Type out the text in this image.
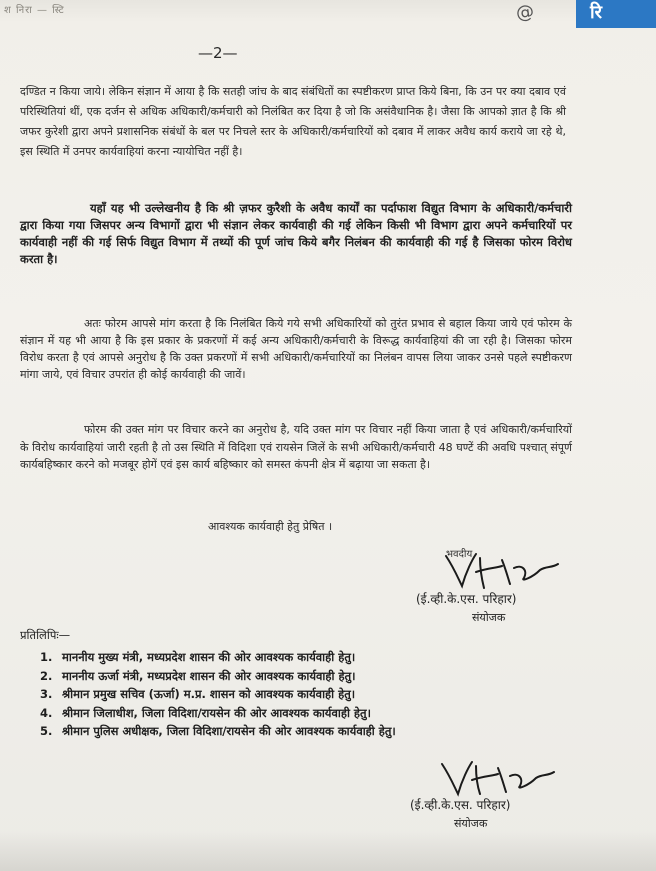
श निरा — स्टि	@	रि
—2—

दण्डित न किया जाये। लेकिन संज्ञान में आया है कि सतही जांच के बाद संबंधितों का स्पष्टीकरण प्राप्त किये बिना, कि उन पर क्या दबाव एवं परिस्थितियां थीं, एक दर्जन से अधिक अधिकारी/कर्मचारी को निलंबित कर दिया है जो कि असंवैधानिक है। जैसा कि आपको ज्ञात है कि श्री जफर कुरेशी द्वारा अपने प्रशासनिक संबंधों के बल पर निचले स्तर के अधिकारी/कर्मचारियों को दबाव में लाकर अवैध कार्य कराये जा रहे थे, इस स्थिति में उनपर कार्यवाहियां करना न्यायोचित नहीं है।

यहाँ यह भी उल्लेखनीय है कि श्री ज़फर कुरैशी के अवैध कार्यों का पर्दाफाश विद्युत विभाग के अधिकारी/कर्मचारी द्वारा किया गया जिसपर अन्य विभागों द्वारा भी संज्ञान लेकर कार्यवाही की गई लेकिन किसी भी विभाग द्वारा अपने कर्मचारियों पर कार्यवाही नहीं की गई सिर्फ विद्युत विभाग में तथ्यों की पूर्ण जांच किये बगैर निलंबन की कार्यवाही की गई है जिसका फोरम विरोध करता है।

अतः फोरम आपसे मांग करता है कि निलंबित किये गये सभी अधिकारियों को तुरंत प्रभाव से बहाल किया जाये एवं फोरम के संज्ञान में यह भी आया है कि इस प्रकार के प्रकरणों में कई अन्य अधिकारी/कर्मचारी के विरूद्ध कार्यवाहियां की जा रही है। जिसका फोरम विरोध करता है एवं आपसे अनुरोध है कि उक्त प्रकरणों में सभी अधिकारी/कर्मचारियों का निलंबन वापस लिया जाकर उनसे पहले स्पष्टीकरण मांगा जाये, एवं विचार उपरांत ही कोई कार्यवाही की जावें।

फोरम की उक्त मांग पर विचार करने का अनुरोध है, यदि उक्त मांग पर विचार नहीं किया जाता है एवं अधिकारी/कर्मचारियों के विरोध कार्यवाहियां जारी रहती है तो उस स्थिति में विदिशा एवं रायसेन जिलें के सभी अधिकारी/कर्मचारी 48 घण्टें की अवधि पश्चात् संपूर्ण कार्यबहिष्कार करने को मजबूर होगें एवं इस कार्य बहिष्कार को समस्त कंपनी क्षेत्र में बढ़ाया जा सकता है।

आवश्यक कार्यवाही हेतु प्रेषित ।
भवदीय
(ई.व्ही.के.एस. परिहार)
संयोजक
प्रतिलिपिः—
1. माननीय मुख्य मंत्री, मध्यप्रदेश शासन की ओर आवश्यक कार्यवाही हेतु।
2. माननीय ऊर्जा मंत्री, मध्यप्रदेश शासन की ओर आवश्यक कार्यवाही हेतु।
3. श्रीमान प्रमुख सचिव (ऊर्जा) म.प्र. शासन को आवश्यक कार्यवाही हेतु।
4. श्रीमान जिलाधीश, जिला विदिशा/रायसेन की ओर आवश्यक कार्यवाही हेतु।
5. श्रीमान पुलिस अधीक्षक, जिला विदिशा/रायसेन की ओर आवश्यक कार्यवाही हेतु।
(ई.व्ही.के.एस. परिहार)
संयोजक
